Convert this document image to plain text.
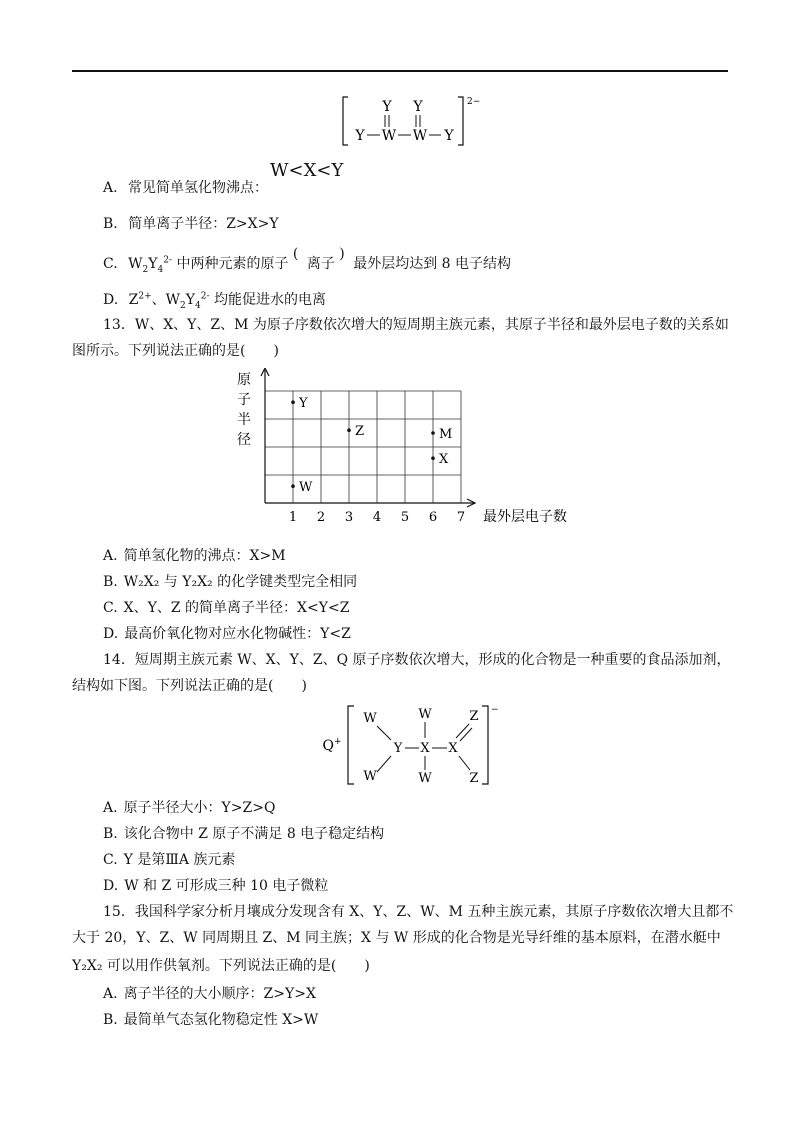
Y Y
Y W W Y
2−
A. 常见简单氢化物沸点：
W<X<Y
B. 简单离子半径：Z>X>Y
C. $W_2Y_4^{2-}$ 中两种元素的原子 ( 离子 ) 最外层均达到 8 电子结构
D. $Z^{2+}$、$W_2Y_4^{2-}$ 均能促进水的电离
13．W、X、Y、Z、M 为原子序数依次增大的短周期主族元素，其原子半径和最外层电子数的关系如
图所示。下列说法正确的是(　　)
1 2 3 4 5 6 7 最外层电子数
原
子
半
径
Y
Z	M
X
W
A. 简单氢化物的沸点：X>M
B. W₂X₂ 与 Y₂X₂ 的化学键类型完全相同
C. X、Y、Z 的简单离子半径：X<Y<Z
D. 最高价氧化物对应水化物碱性：Y<Z
14．短周期主族元素 W、X、Y、Z、Q 原子序数依次增大，形成的化合物是一种重要的食品添加剂，
结构如下图。下列说法正确的是(　　)
Q+
−
W	W
W	W
Y X X
Z
Z
A. 原子半径大小：Y>Z>Q
B. 该化合物中 Z 原子不满足 8 电子稳定结构
C. Y 是第ⅢA 族元素
D. W 和 Z 可形成三种 10 电子微粒
15．我国科学家分析月壤成分发现含有 X、Y、Z、W、M 五种主族元素，其原子序数依次增大且都不
大于 20，Y、Z、W 同周期且 Z、M 同主族；X 与 W 形成的化合物是光导纤维的基本原料，在潜水艇中
Y₂X₂ 可以用作供氧剂。下列说法正确的是(　　)
A. 离子半径的大小顺序：Z>Y>X
B. 最简单气态氢化物稳定性 X>W
